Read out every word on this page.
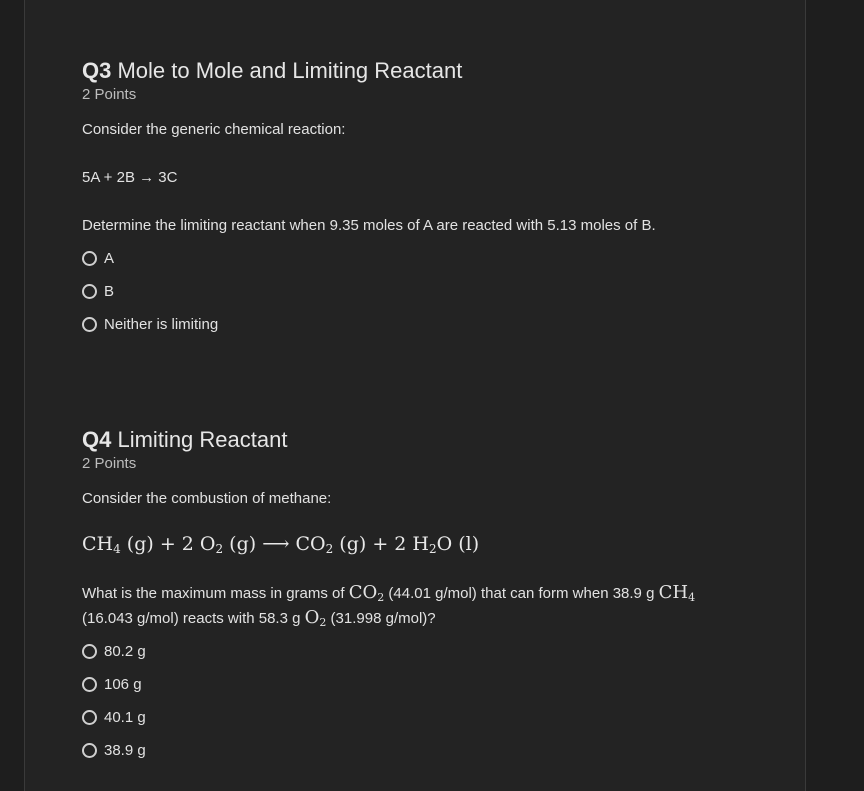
Q3 Mole to Mole and Limiting Reactant
2 Points
Consider the generic chemical reaction:
5A + 2B → 3C
Determine the limiting reactant when 9.35 moles of A are reacted with 5.13 moles of B.
A
B
Neither is limiting
Q4 Limiting Reactant
2 Points
Consider the combustion of methane:
$CH_4$ (g) + 2 $O_2$ (g) ⟶ $CO_2$ (g) + 2 $H_2O$ (l)
What is the maximum mass in grams of $CO_2$ (44.01 g/mol) that can form when 38.9 g $CH_4$
(16.043 g/mol) reacts with 58.3 g $O_2$ (31.998 g/mol)?
80.2 g
106 g
40.1 g
38.9 g
